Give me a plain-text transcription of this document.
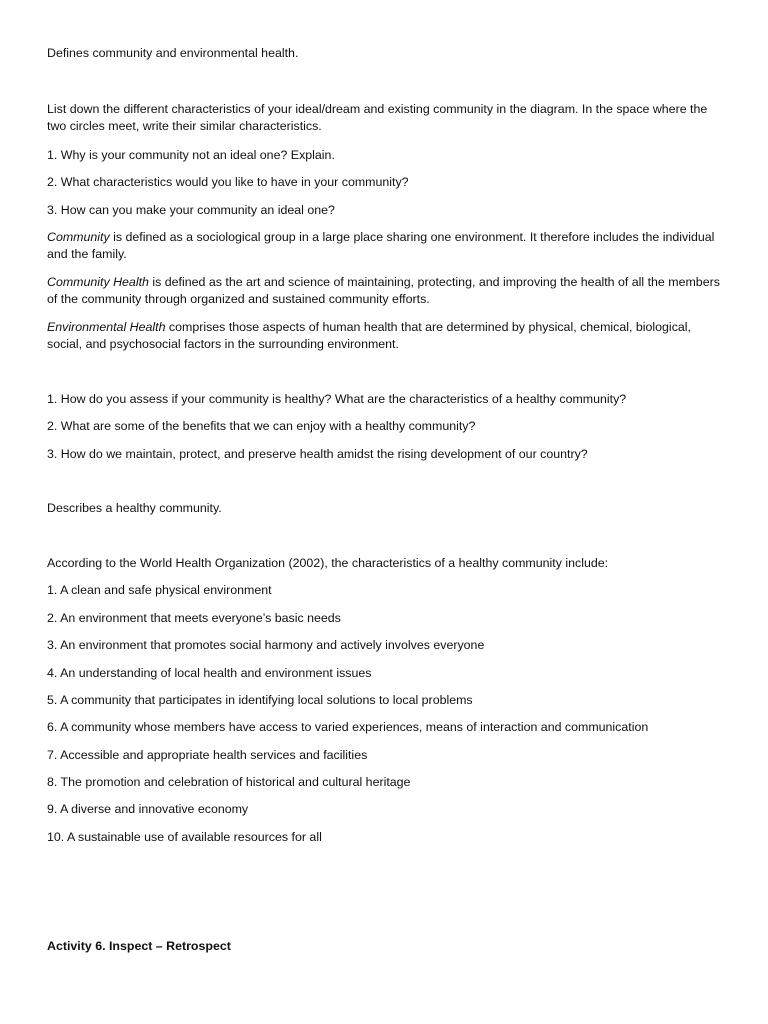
Defines community and environmental health.

List down the different characteristics of your ideal/dream and existing community in the diagram. In the space where the two circles meet, write their similar characteristics.

1. Why is your community not an ideal one? Explain.

2. What characteristics would you like to have in your community?

3. How can you make your community an ideal one?

Community is defined as a sociological group in a large place sharing one environment. It therefore includes the individual and the family.

Community Health is defined as the art and science of maintaining, protecting, and improving the health of all the members of the community through organized and sustained community efforts.

Environmental Health comprises those aspects of human health that are determined by physical, chemical, biological, social, and psychosocial factors in the surrounding environment.

1. How do you assess if your community is healthy? What are the characteristics of a healthy community?

2. What are some of the benefits that we can enjoy with a healthy community?

3. How do we maintain, protect, and preserve health amidst the rising development of our country?

Describes a healthy community.

According to the World Health Organization (2002), the characteristics of a healthy community include:

1. A clean and safe physical environment

2. An environment that meets everyone’s basic needs

3. An environment that promotes social harmony and actively involves everyone

4. An understanding of local health and environment issues

5. A community that participates in identifying local solutions to local problems

6. A community whose members have access to varied experiences, means of interaction and communication

7. Accessible and appropriate health services and facilities

8. The promotion and celebration of historical and cultural heritage

9. A diverse and innovative economy

10. A sustainable use of available resources for all

Activity 6. Inspect – Retrospect
